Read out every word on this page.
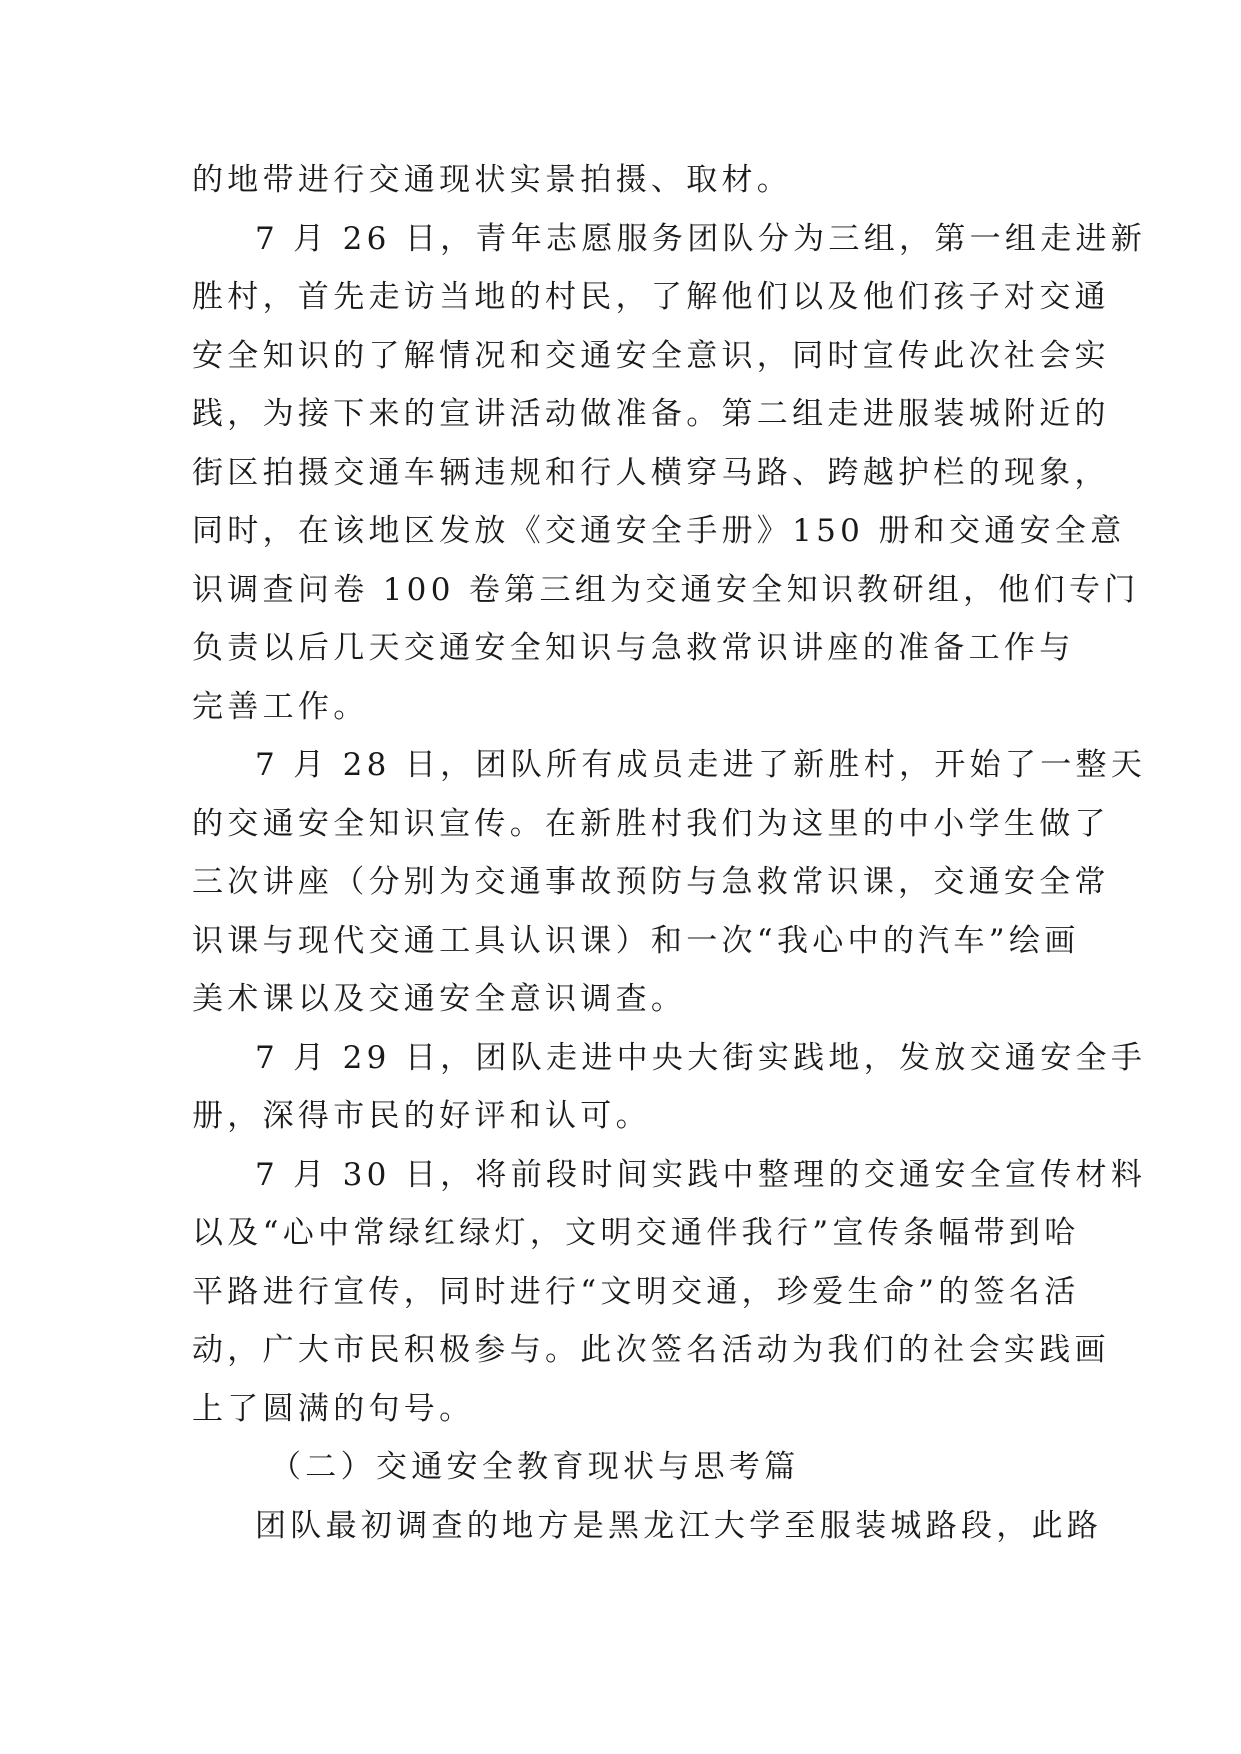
的地带进行交通现状实景拍摄、取材。
7 月 26 日，青年志愿服务团队分为三组，第一组走进新
胜村，首先走访当地的村民，了解他们以及他们孩子对交通
安全知识的了解情况和交通安全意识，同时宣传此次社会实
践，为接下来的宣讲活动做准备。第二组走进服装城附近的
街区拍摄交通车辆违规和行人横穿马路、跨越护栏的现象，
同时，在该地区发放《交通安全手册》150 册和交通安全意
识调查问卷 100 卷第三组为交通安全知识教研组，他们专门
负责以后几天交通安全知识与急救常识讲座的准备工作与
完善工作。
7 月 28 日，团队所有成员走进了新胜村，开始了一整天
的交通安全知识宣传。在新胜村我们为这里的中小学生做了
三次讲座（分别为交通事故预防与急救常识课，交通安全常
识课与现代交通工具认识课）和一次“我心中的汽车”绘画
美术课以及交通安全意识调查。
7 月 29 日，团队走进中央大街实践地，发放交通安全手
册，深得市民的好评和认可。
7 月 30 日，将前段时间实践中整理的交通安全宣传材料
以及“心中常绿红绿灯，文明交通伴我行”宣传条幅带到哈
平路进行宣传，同时进行“文明交通，珍爱生命”的签名活
动，广大市民积极参与。此次签名活动为我们的社会实践画
上了圆满的句号。
（二）交通安全教育现状与思考篇
团队最初调查的地方是黑龙江大学至服装城路段，此路
